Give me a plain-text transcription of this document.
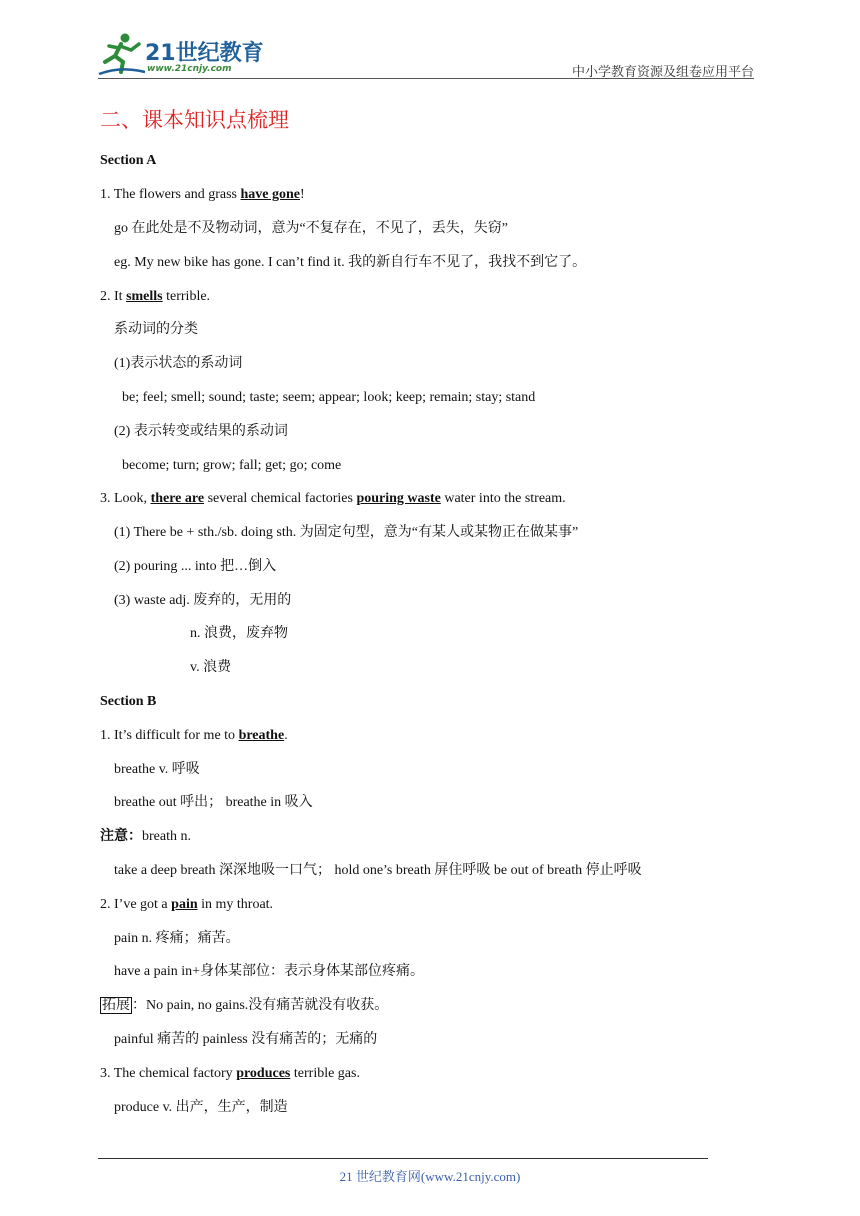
21世纪教育
www.21cnjy.com	中小学教育资源及组卷应用平台
二、课本知识点梳理
Section A
1. The flowers and grass have gone!
go 在此处是不及物动词，意为“不复存在，不见了，丢失，失窃”
eg. My new bike has gone. I can’t find it. 我的新自行车不见了，我找不到它了。
2. It smells terrible.
系动词的分类
(1)表示状态的系动词
be; feel; smell; sound; taste; seem; appear; look; keep; remain; stay; stand
(2) 表示转变或结果的系动词
become; turn; grow; fall; get; go; come
3. Look, there are several chemical factories pouring waste water into the stream.
(1) There be + sth./sb. doing sth. 为固定句型，意为“有某人或某物正在做某事”
(2) pouring ... into 把…倒入
(3) waste adj. 废弃的，无用的
n. 浪费，废弃物
v. 浪费
Section B
1. It’s difficult for me to breathe.
breathe v. 呼吸
breathe out 呼出； breathe in 吸入
注意：breath n.
take a deep breath 深深地吸一口气； hold one’s breath 屏住呼吸 be out of breath 停止呼吸
2. I’ve got a pain in my throat.
pain n. 疼痛；痛苦。
have a pain in+身体某部位：表示身体某部位疼痛。
拓展 ：No pain, no gains.没有痛苦就没有收获。
painful 痛苦的 painless 没有痛苦的；无痛的
3. The chemical factory produces terrible gas.
produce v. 出产，生产，制造
21 世纪教育网(www.21cnjy.com)
